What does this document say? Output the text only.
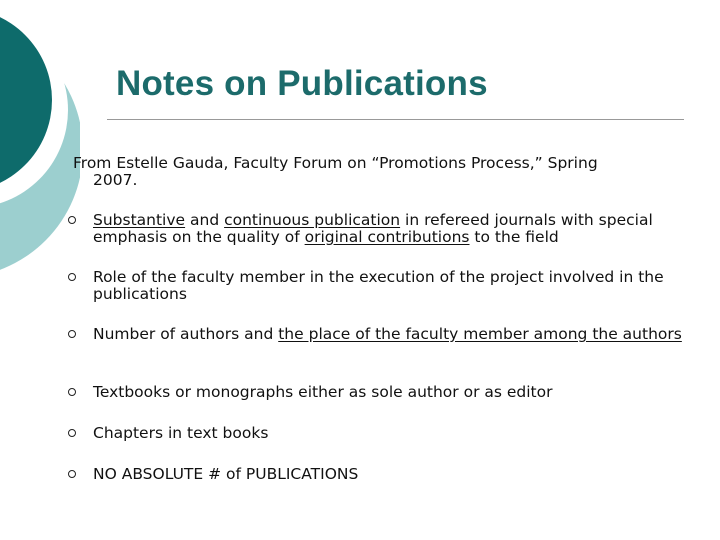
Notes on Publications
From Estelle Gauda, Faculty Forum on “Promotions Process,” Spring
2007.
Substantive and continuous publication in refereed journals with special emphasis on the quality of original contributions to the field
Role of the faculty member in the execution of the project involved in the publications
Number of authors and the place of the faculty member among the authors
Textbooks or monographs either as sole author or as editor
Chapters in text books
NO ABSOLUTE # of PUBLICATIONS
